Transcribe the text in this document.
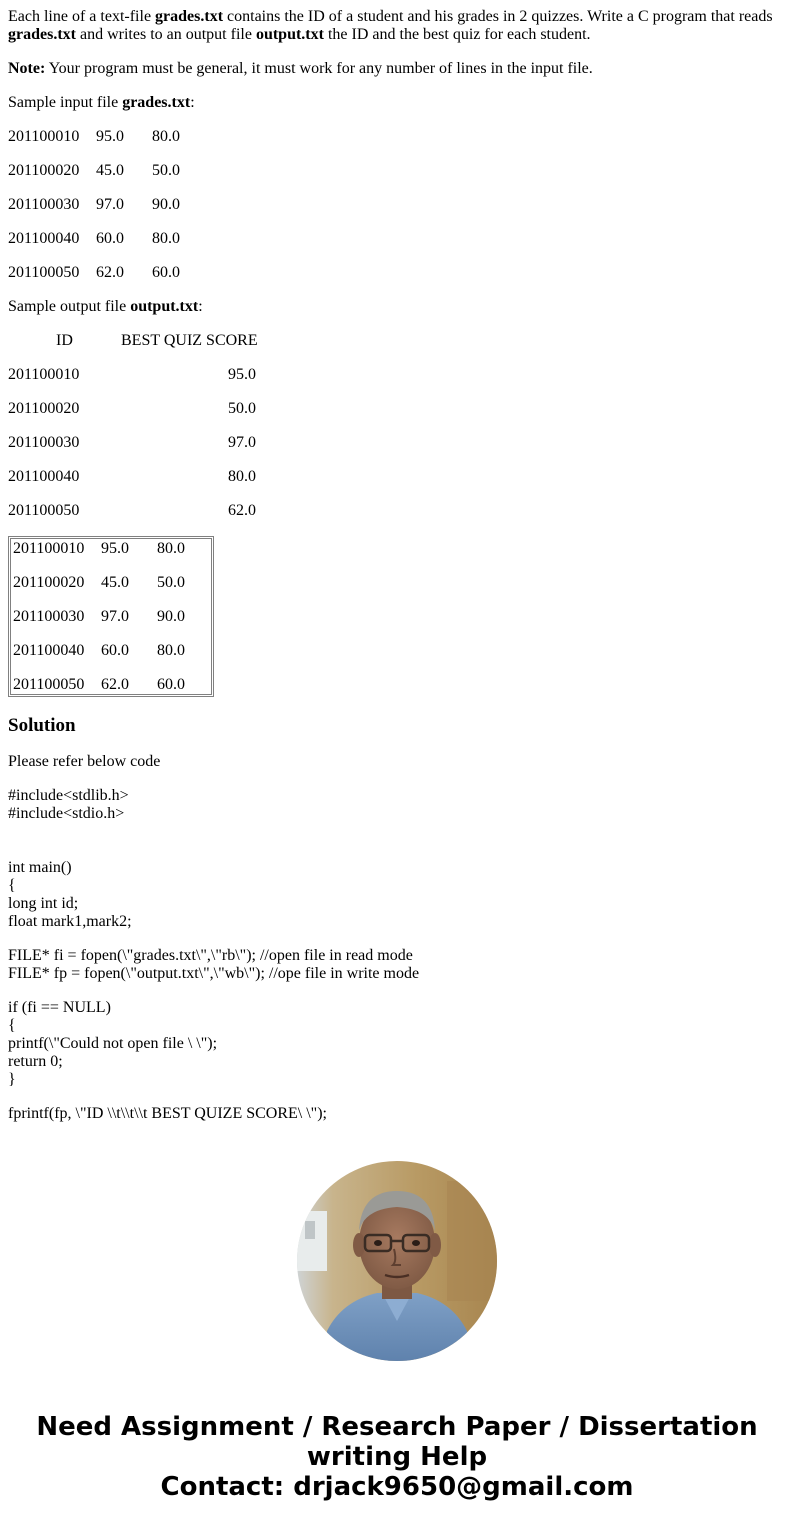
Each line of a text-file grades.txt contains the ID of a student and his grades in 2 quizzes. Write a C program that reads grades.txt and writes to an output file output.txt the ID and the best quiz for each student.

Note: Your program must be general, it must work for any number of lines in the input file.

Sample input file grades.txt:

201100010	95.0	80.0
201100020	45.0	50.0
201100030	97.0	90.0
201100040	60.0	80.0
201100050	62.0	60.0

Sample output file output.txt:

ID	BEST QUIZ SCORE
201100010	95.0
201100020	50.0
201100030	97.0
201100040	80.0
201100050	62.0
201100010	95.0	80.0
201100020	45.0	50.0
201100030	97.0	90.0
201100040	60.0	80.0
201100050	62.0	60.0
Solution

Please refer below code

#include<stdlib.h>
#include<stdio.h>

int main()
{
long int id;
float mark1,mark2;
FILE* fi = fopen(\"grades.txt\",\"rb\"); //open file in read mode
FILE* fp = fopen(\"output.txt\",\"wb\"); //ope file in write mode
if (fi == NULL)
{
printf(\"Could not open file \ \");
return 0;
}
fprintf(fp, \"ID \\t\\t\\t BEST QUIZE SCORE\ \");
Need Assignment / Research Paper / Dissertation
writing Help
Contact: drjack9650@gmail.com
